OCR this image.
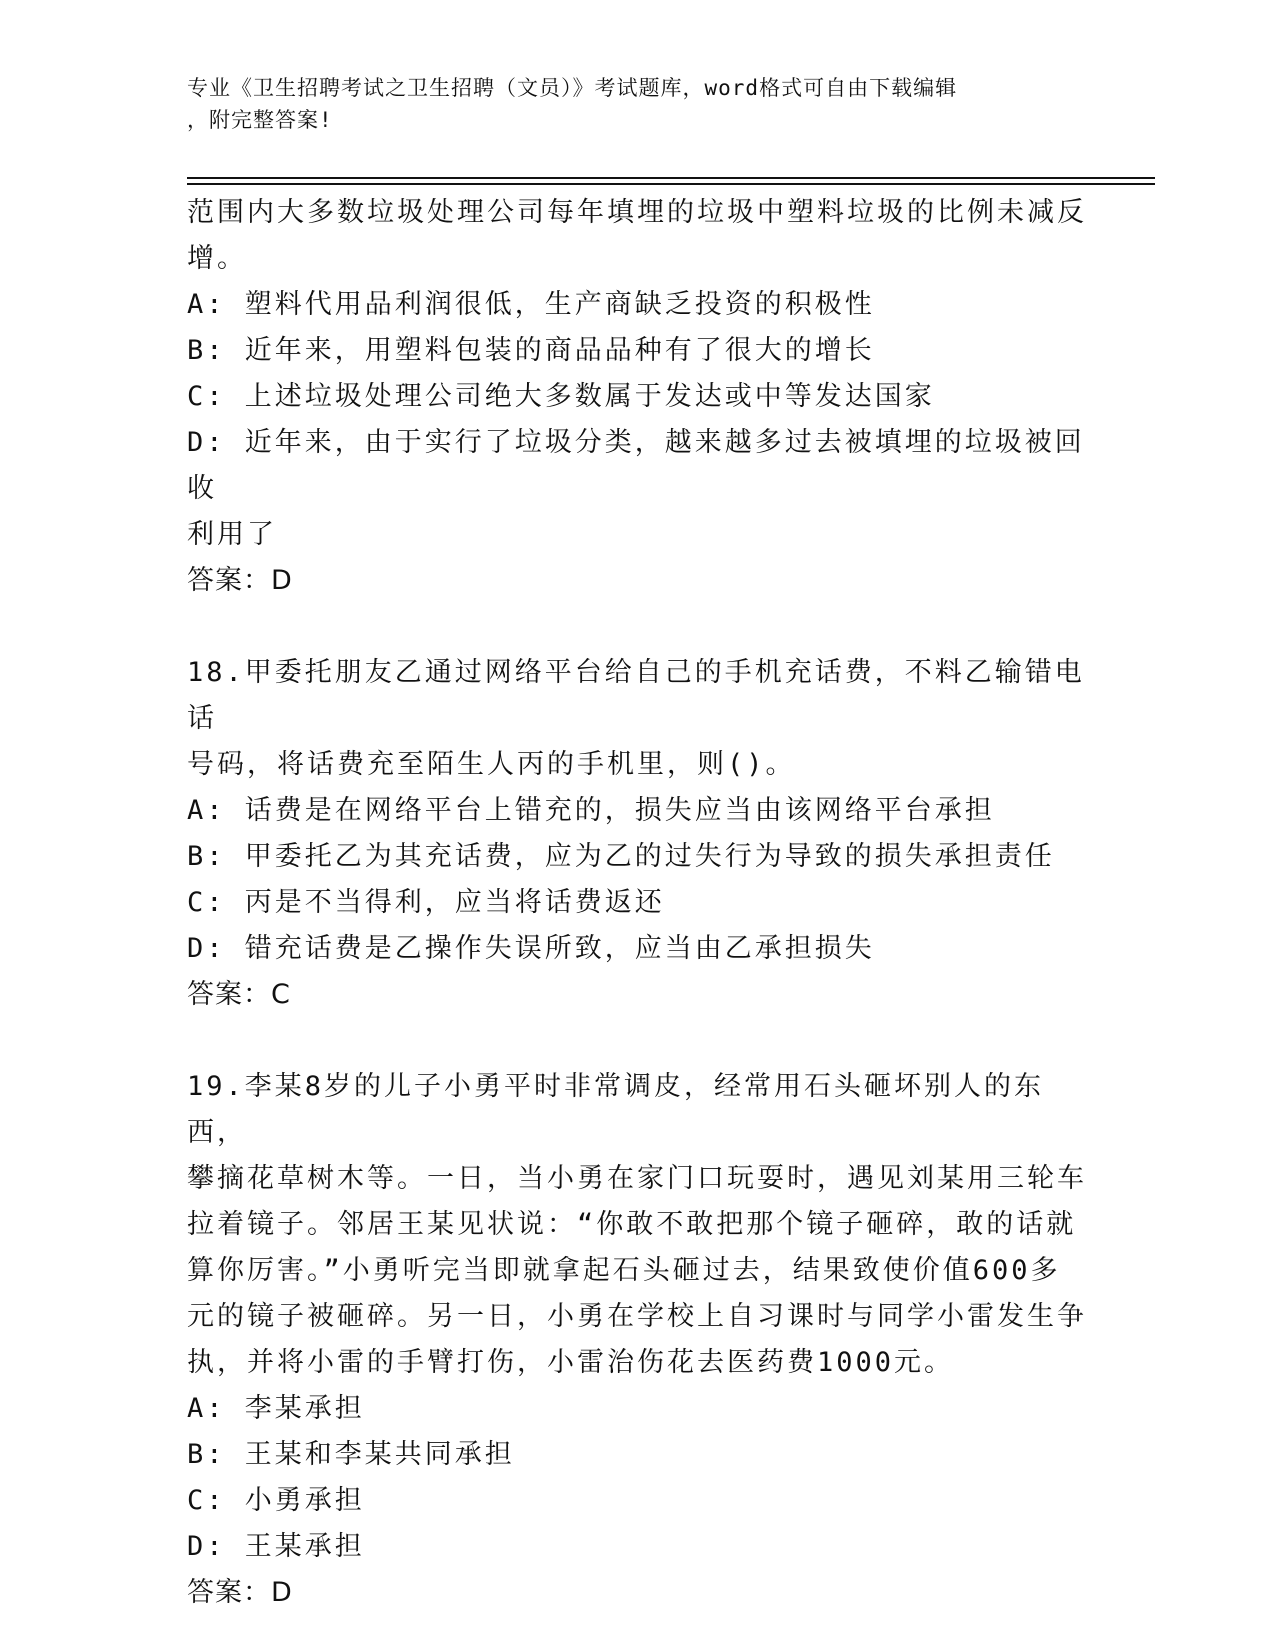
专业《卫生招聘考试之卫生招聘（文员）》考试题库，word格式可自由下载编辑
，附完整答案!

范围内大多数垃圾处理公司每年填埋的垃圾中塑料垃圾的比例未减反

增。

A: 塑料代用品利润很低，生产商缺乏投资的积极性

B: 近年来，用塑料包装的商品品种有了很大的增长

C: 上述垃圾处理公司绝大多数属于发达或中等发达国家

D: 近年来，由于实行了垃圾分类，越来越多过去被填埋的垃圾被回收

利用了

答案：D

18.甲委托朋友乙通过网络平台给自己的手机充话费，不料乙输错电话

号码，将话费充至陌生人丙的手机里，则()。

A: 话费是在网络平台上错充的，损失应当由该网络平台承担

B: 甲委托乙为其充话费，应为乙的过失行为导致的损失承担责任

C: 丙是不当得利，应当将话费返还

D: 错充话费是乙操作失误所致，应当由乙承担损失

答案：C

19.李某8岁的儿子小勇平时非常调皮，经常用石头砸坏别人的东西，

攀摘花草树木等。一日，当小勇在家门口玩耍时，遇见刘某用三轮车

拉着镜子。邻居王某见状说：“你敢不敢把那个镜子砸碎，敢的话就

算你厉害。”小勇听完当即就拿起石头砸过去，结果致使价值600多

元的镜子被砸碎。另一日，小勇在学校上自习课时与同学小雷发生争

执，并将小雷的手臂打伤，小雷治伤花去医药费1000元。

A: 李某承担

B: 王某和李某共同承担

C: 小勇承担

D: 王某承担

答案：D
